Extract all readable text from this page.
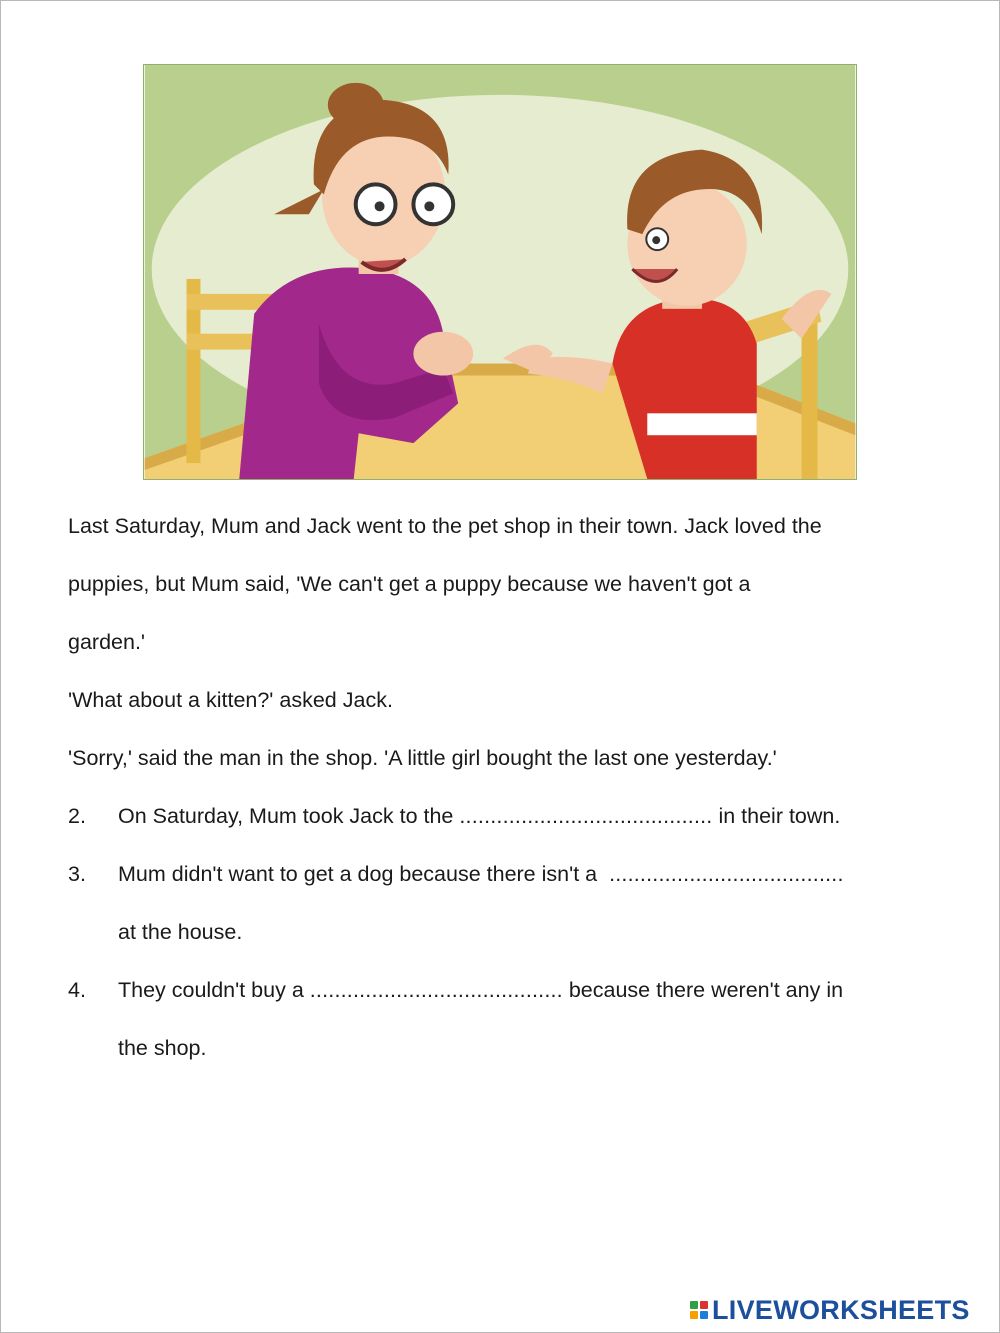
Last Saturday, Mum and Jack went to the pet shop in their town. Jack loved the
puppies, but Mum said, 'We can't get a puppy because we haven't got a
garden.'
'What about a kitten?' asked Jack.
'Sorry,' said the man in the shop. 'A little girl bought the last one yesterday.'
2. On Saturday, Mum took Jack to the ......................................... in their town.
3. Mum didn't want to get a dog because there isn't a  ......................................
at the house.
4. They couldn't buy a ......................................... because there weren't any in
the shop.
LIVEWORKSHEETS
